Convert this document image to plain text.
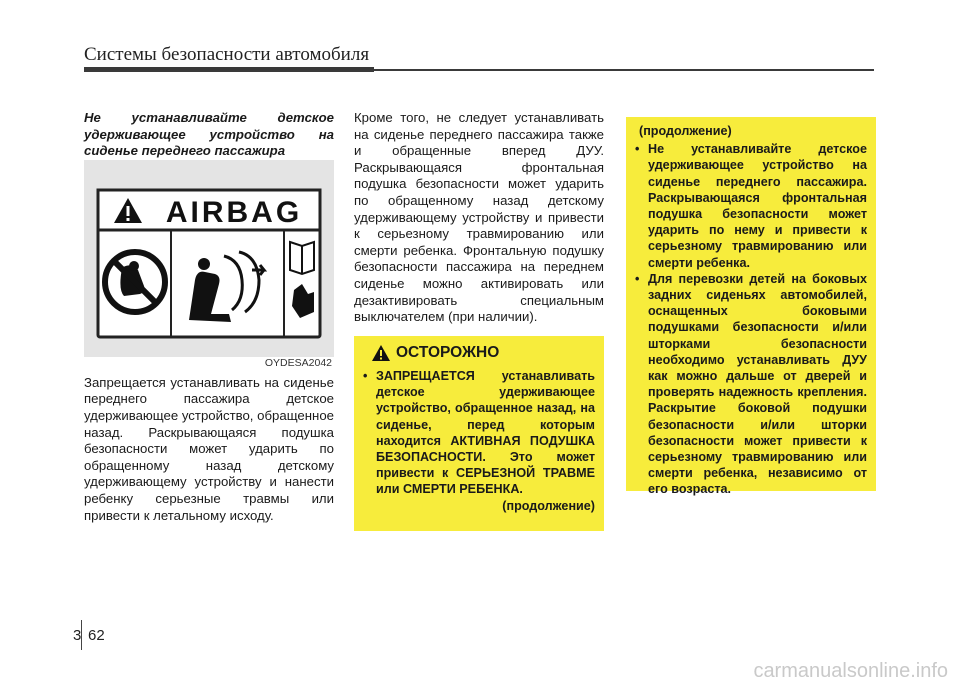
Системы безопасности автомобиля

Не устанавливайте детское удерживающее устройство на сиденье переднего пассажира

AIRBAG
OYDESA2042

Запрещается устанавливать на сиденье переднего пассажира детское удерживающее устройство, обращенное назад. Раскрывающаяся подушка безопасности может ударить по обращенному назад детскому удерживающему устройству и нанести ребенку серьезные травмы или привести к летальному исходу.

Кроме того, не следует устанавливать на сиденье переднего пассажира также и обращенные вперед ДУУ. Раскрывающаяся фронтальная подушка безопасности может ударить по обращенному назад детскому удерживающему устройству и привести к серьезному травмированию или смерти ребенка. Фронтальную подушку безопасности пассажира на переднем сиденье можно активировать или дезактивировать специальным выключателем (при наличии).

ОСТОРОЖНО
• ЗАПРЕЩАЕТСЯ устанавливать детское удерживающее устройство, обращенное назад, на сиденье, перед которым находится АКТИВНАЯ ПОДУШКА БЕЗОПАСНОСТИ. Это может привести к СЕРЬЕЗНОЙ ТРАВМЕ или СМЕРТИ РЕБЕНКА.
(продолжение)
(продолжение)
• Не устанавливайте детское удерживающее устройство на сиденье переднего пассажира. Раскрывающаяся фронтальная подушка безопасности может ударить по нему и привести к серьезному травмированию или смерти ребенка.
• Для перевозки детей на боковых задних сиденьях автомобилей, оснащенных боковыми подушками безопасности и/или шторками безопасности необходимо устанавливать ДУУ как можно дальше от дверей и проверять надежность крепления. Раскрытие боковой подушки безопасности и/или шторки безопасности может привести к серьезному травмированию или смерти ребенка, независимо от его возраста.
3 62
carmanualsonline.info
